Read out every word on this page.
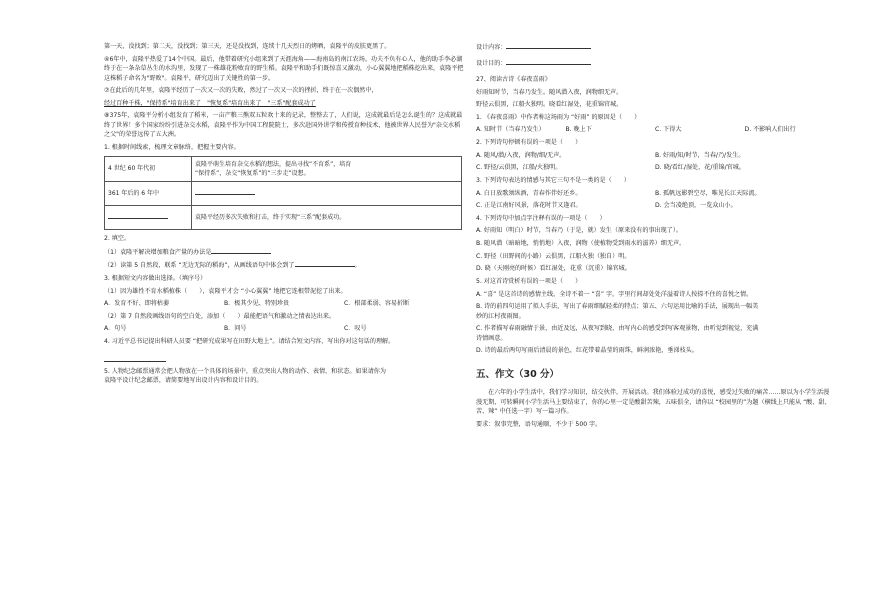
第一天，没找到；第二天，没找到；第三天，还是没找到，连续十几天烈日的烤晒，袁隆平的皮肤更黑了。

④6年中，袁隆平热爱了14个中国。最后，他带着研究小组来到了天涯海角——海南岛的南江农场。功夫不负有心人，他的助手李必湖终于在一条杂草丛生的水沟里，发现了一株雄花粉败育的野生稻。袁隆平和助手们既惊喜又激动，小心翼翼地把稻株挖出来，袁隆平把这株稻子命名为"野败"。袁隆平，研究迈出了关键性的第一步。

⑦在此后的几年里，袁隆平经历了一次又一次的失败，然过了一次又一次的挫折，终于在一次偶然中，

经过百种千株，"保持系"培育出来了　"恢复系"培育出来了　"三系"配套成功了

⑧375年，袁隆平分析小组发育了稻米，一亩产粮三熊双五粒欢十来的记录，整整去了，人们说，这成就最后是怎么诞生的？这成就最终了世界！多个国家纷纷引进杂交水稻，袁隆平作为中国工程院院士，多次赴国外讲学和传授育种技术，他被世界人民誉为"杂交水稻之父"的荣誉远传了五大洲。

1. 根据时间线索，梳理文章脉络，把握主要内容。

4 世纪 60 年代初	袁隆平萌生培育杂交水稻的想法，提出寻找“不育系”，培育
“保持系”，杂交“恢复系”的“三步走”设想。
361 年后的 6 年中	
	袁隆平经历多次失败和打击，终于实现“三系”配套成功。

2. 填空。

（1）袁隆平解决增加粮食产量的办法是

（2）读第 5 自然段，联系 “无边无际的稻海”，从画线语句中体会到了	。

3. 根据短文内容做出选择。（填序号）

（1）因为雄性不育水稻植株（　　），袁隆平才会 “小心翼翼” 地把它连根带泥挖了出来。

A．发育不好、即将枯萎	B．极其少见、特别珍贵	C．根部柔弱、容易折断

（2）第 7 自然段画线语句的空白处，添加（　　）最能把语气和激动之情表达出来。

A．句号	B．问号	C．叹号

4. 习近平总书记提出科研人员要 “把研究成果写在田野大地上”。请结合短文内容，写出你对这句话的理解。

5. 人物纪念邮票通常会把人物放在一个具体的场景中，重点突出人物的动作、表情、和状态。如果请你为
袁隆平设计纪念邮票，请简要地写出设计内容和设计目的。

设计内容：

设计目的：

27、阅读古诗《春夜喜雨》

好雨知时节，当春乃发生。随风潜入夜，润物细无声。

野径云俱黑，江船火独明。晓看红湿处，花重锦官城。

1. 《春夜喜雨》中作者称这场雨为 “好雨” 的原因是（　　）

A. 知时节（当春乃发生）	B. 晚上下	C. 下得大	D. 不影响人们出行

2. 下列诗句停顿有误的一项是（　　）

A. 随风/潜/入夜，润物/细/无声。	B. 好雨/知/时节，当春/乃/发生。

C. 野径/云俱黑，江船/火独明。	D. 晓/看红/湿处，花/重锦/官城。

3. 下列诗句表达的情感与其它三句不是一类的是（　　）

A. 白日放歌须纵酒，青春作伴好还乡。	B. 孤帆远影碧空尽，唯见长江天际流。

C. 正是江南好风景，落花时节又逢君。	D. 会当凌绝顶，一览众山小。

4. 下列诗句中加点字注释有误的一项是（　　）

A. 好雨知（明白）时节，当春乃（于是，就）发生（原来没有的事出现了）。

B. 随风潜（暗暗地，悄悄地）入夜，润物（使植物受到雨水的滋养）细无声。

C. 野径（田野间的小路）云俱黑，江船火独（独自）明。

D. 晓（天刚亮的时候）看红湿处，花重（沉重）锦官城。

5. 对这首诗赏析有误的一项是（　　）

A. “喜” 是这首诗的感情主线，全诗不着一 “喜” 字，字里行间却处处洋溢着诗人按捺不住的喜悦之情。

B. 诗的前四句运用了拟人手法，写出了春雨细腻轻柔的特点；第五、六句运用比喻的手法，展现出一幅美
妙的江村夜雨图。

C. 作者描写春雨融情于景，由近及远，从夜写到晓，由写内心的感受到写客观景物，由听觉到视觉，充满
诗情画意。

D. 诗的最后两句写雨后清晨的景色，红花带着晶莹的雨珠，鲜润浓艳，垂涕枝头。

五、作文（30 分）

在六年的小学生活中，我们学习知识，结交伙伴，开展活动。我们体验过成功的喜悦，感受过失败的痛苦……原以为小学生活漫漫无期，可转瞬间小学生活马上要结束了，你的心里一定是酸甜苦辣，五味俱全，请你以 “校园里的”为题（横线上只能从 “酸、甜、苦、辣” 中任选一字）写一篇习作。

要求：叙事完整，语句通顺，不少于 500 字。
